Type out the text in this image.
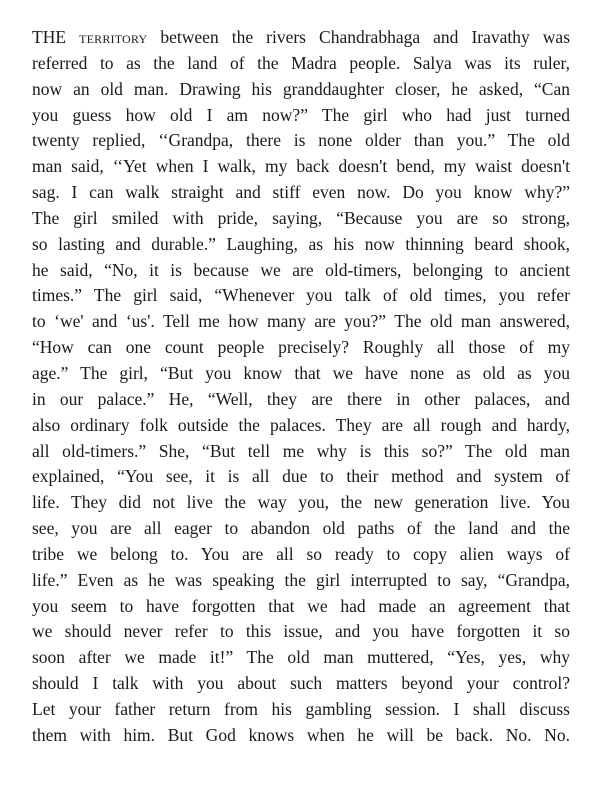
THE territory between the rivers Chandrabhaga and Iravathy was
referred to as the land of the Madra people. Salya was its ruler,
now an old man. Drawing his granddaughter closer, he asked, “Can
you guess how old I am now?” The girl who had just turned
twenty replied, ‘‘Grandpa, there is none older than you.” The old
man said, ‘‘Yet when I walk, my back doesn't bend, my waist doesn't
sag. I can walk straight and stiff even now. Do you know why?”
The girl smiled with pride, saying, “Because you are so strong,
so lasting and durable.” Laughing, as his now thinning beard shook,
he said, “No, it is because we are old-timers, belonging to ancient
times.” The girl said, “Whenever you talk of old times, you refer
to ‘we' and ‘us'. Tell me how many are you?” The old man answered,
“How can one count people precisely? Roughly all those of my
age.” The girl, “But you know that we have none as old as you
in our palace.” He, “Well, they are there in other palaces, and
also ordinary folk outside the palaces. They are all rough and hardy,
all old-timers.” She, “But tell me why is this so?” The old man
explained, “You see, it is all due to their method and system of
life. They did not live the way you, the new generation live. You
see, you are all eager to abandon old paths of the land and the
tribe we belong to. You are all so ready to copy alien ways of
life.” Even as he was speaking the girl interrupted to say, “Grandpa,
you seem to have forgotten that we had made an agreement that
we should never refer to this issue, and you have forgotten it so
soon after we made it!” The old man muttered, “Yes, yes, why
should I talk with you about such matters beyond your control?
Let your father return from his gambling session. I shall discuss
them with him. But God knows when he will be back. No. No.
